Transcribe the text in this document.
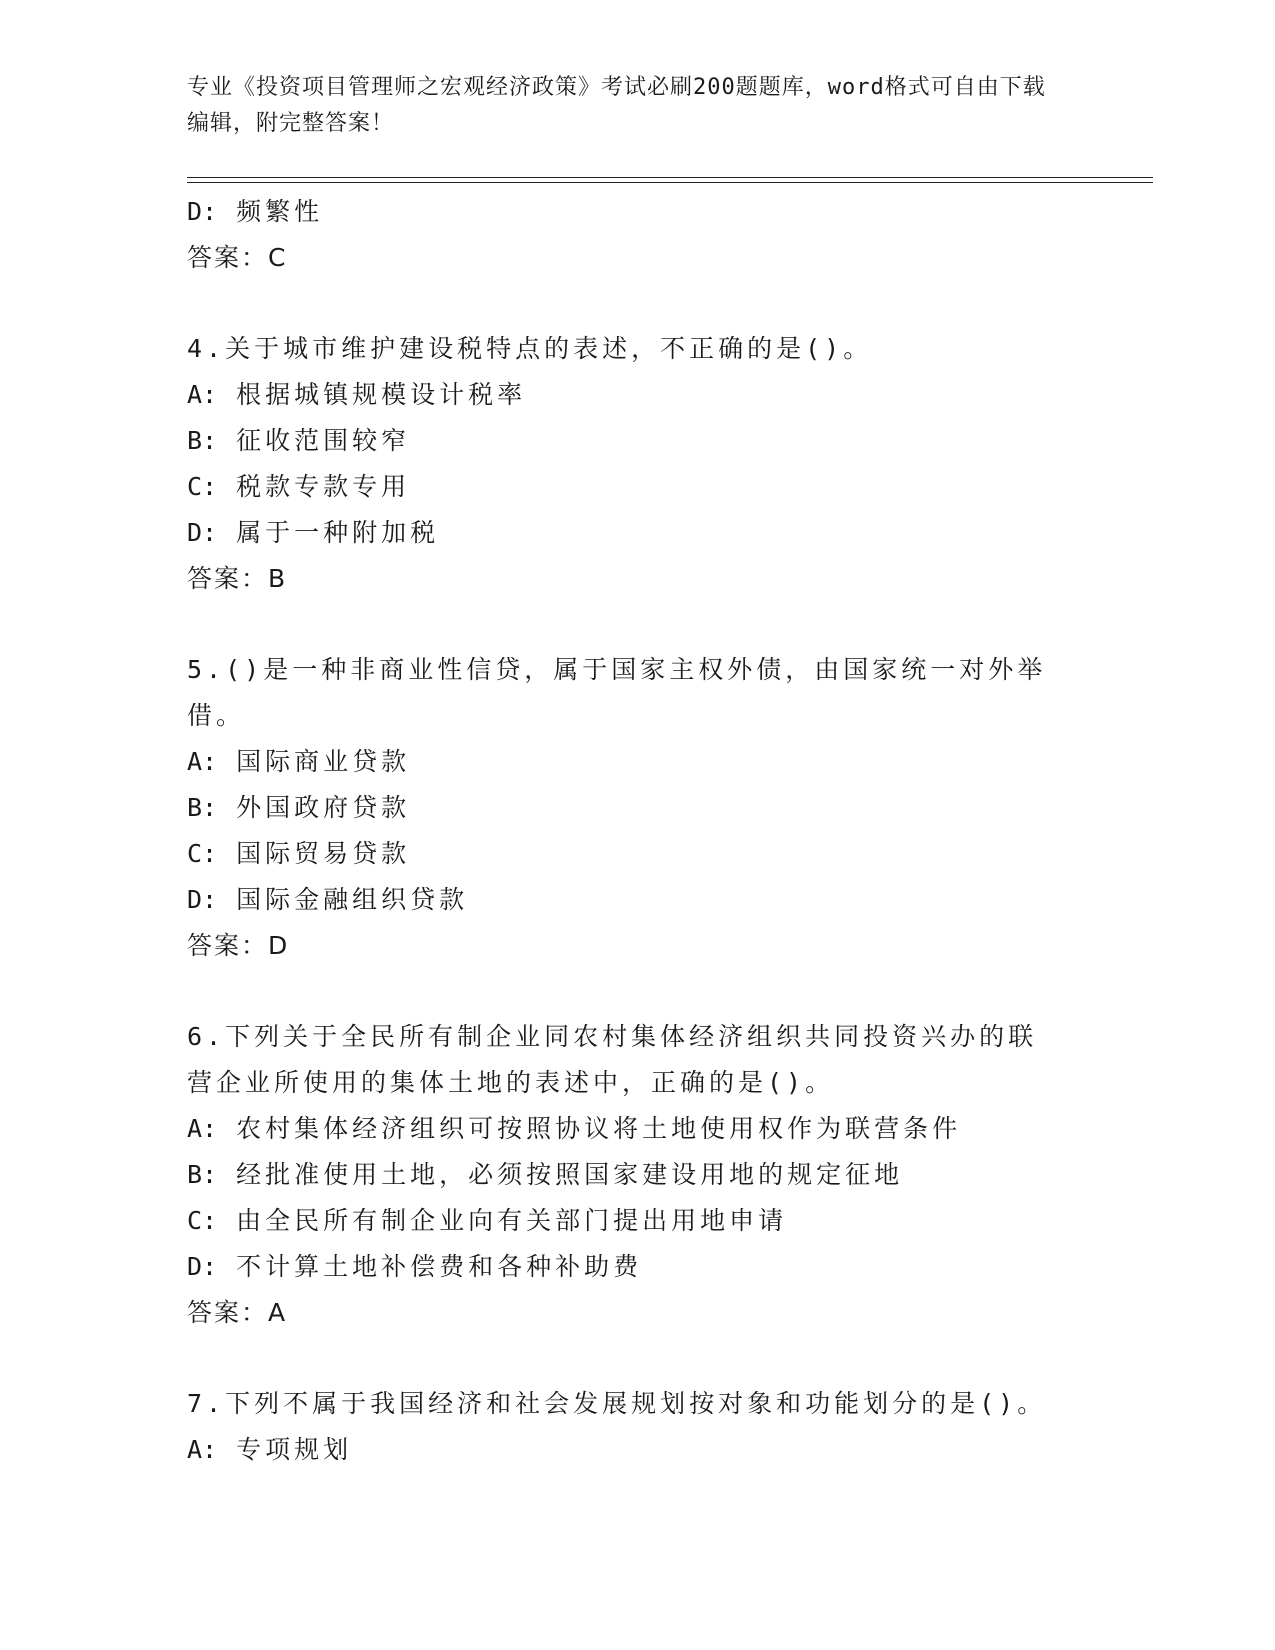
专业《投资项目管理师之宏观经济政策》考试必刷200题题库，word格式可自由下载编辑，附完整答案！
D: 频繁性
答案：C
4.关于城市维护建设税特点的表述，不正确的是()。
A: 根据城镇规模设计税率
B: 征收范围较窄
C: 税款专款专用
D: 属于一种附加税
答案：B
5.()是一种非商业性信贷，属于国家主权外债，由国家统一对外举借。
A: 国际商业贷款
B: 外国政府贷款
C: 国际贸易贷款
D: 国际金融组织贷款
答案：D
6.下列关于全民所有制企业同农村集体经济组织共同投资兴办的联营企业所使用的集体土地的表述中，正确的是()。
A: 农村集体经济组织可按照协议将土地使用权作为联营条件
B: 经批准使用土地，必须按照国家建设用地的规定征地
C: 由全民所有制企业向有关部门提出用地申请
D: 不计算土地补偿费和各种补助费
答案：A
7.下列不属于我国经济和社会发展规划按对象和功能划分的是()。
A: 专项规划
